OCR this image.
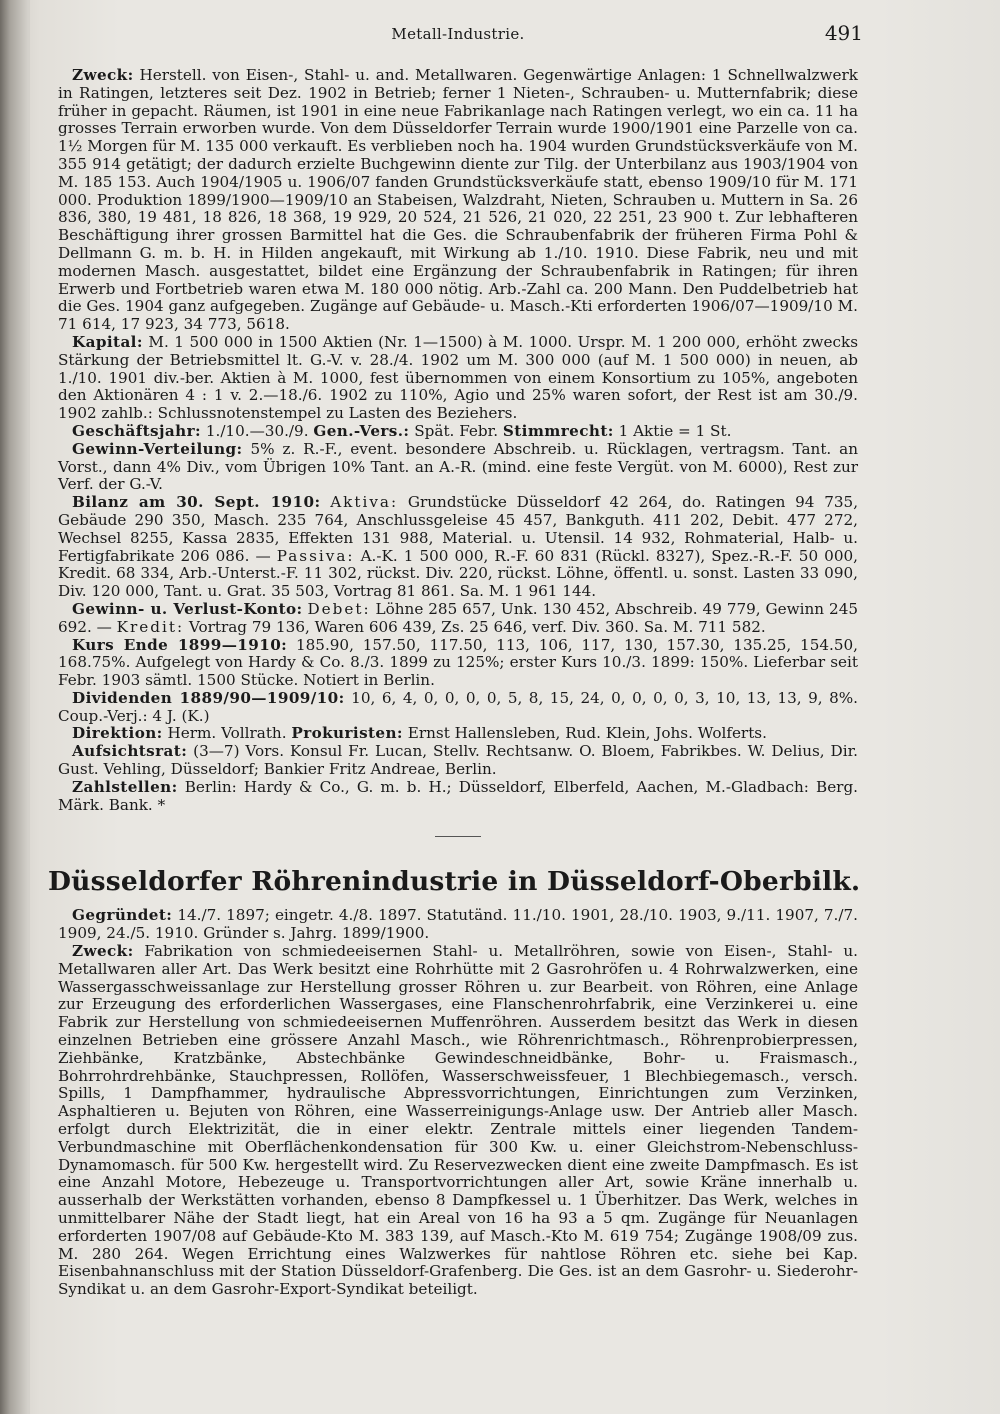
Metall-Industrie.	491

Zweck: Herstell. von Eisen-, Stahl- u. and. Metallwaren. Gegenwärtige Anlagen: 1 Schnellwalzwerk in Ratingen, letzteres seit Dez. 1902 in Betrieb; ferner 1 Nieten-, Schrauben- u. Mutternfabrik; diese früher in gepacht. Räumen, ist 1901 in eine neue Fabrikanlage nach Ratingen verlegt, wo ein ca. 11 ha grosses Terrain erworben wurde. Von dem Düsseldorfer Terrain wurde 1900/1901 eine Parzelle von ca. 1½ Morgen für M. 135 000 verkauft. Es verblieben noch ha. 1904 wurden Grundstücksverkäufe von M. 355 914 getätigt; der dadurch erzielte Buchgewinn diente zur Tilg. der Unterbilanz aus 1903/1904 von M. 185 153. Auch 1904/1905 u. 1906/07 fanden Grundstücksverkäufe statt, ebenso 1909/10 für M. 171 000. Produktion 1899/1900—1909/10 an Stabeisen, Walzdraht, Nieten, Schrauben u. Muttern in Sa. 26 836, 380, 19 481, 18 826, 18 368, 19 929, 20 524, 21 526, 21 020, 22 251, 23 900 t. Zur lebhafteren Beschäftigung ihrer grossen Barmittel hat die Ges. die Schraubenfabrik der früheren Firma Pohl & Dellmann G. m. b. H. in Hilden angekauft, mit Wirkung ab 1./10. 1910. Diese Fabrik, neu und mit modernen Masch. ausgestattet, bildet eine Ergänzung der Schraubenfabrik in Ratingen; für ihren Erwerb und Fortbetrieb waren etwa M. 180 000 nötig. Arb.-Zahl ca. 200 Mann. Den Puddelbetrieb hat die Ges. 1904 ganz aufgegeben. Zugänge auf Gebäude- u. Masch.-Kti erforderten 1906/07—1909/10 M. 71 614, 17 923, 34 773, 5618.

Kapital: M. 1 500 000 in 1500 Aktien (Nr. 1—1500) à M. 1000. Urspr. M. 1 200 000, erhöht zwecks Stärkung der Betriebsmittel lt. G.-V. v. 28./4. 1902 um M. 300 000 (auf M. 1 500 000) in neuen, ab 1./10. 1901 div.-ber. Aktien à M. 1000, fest übernommen von einem Konsortium zu 105%, angeboten den Aktionären 4 : 1 v. 2.—18./6. 1902 zu 110%, Agio und 25% waren sofort, der Rest ist am 30./9. 1902 zahlb.: Schlussnotenstempel zu Lasten des Beziehers.

Geschäftsjahr: 1./10.—30./9. Gen.-Vers.: Spät. Febr. Stimmrecht: 1 Aktie = 1 St.

Gewinn-Verteilung: 5% z. R.-F., event. besondere Abschreib. u. Rücklagen, vertragsm. Tant. an Vorst., dann 4% Div., vom Übrigen 10% Tant. an A.-R. (mind. eine feste Vergüt. von M. 6000), Rest zur Verf. der G.-V.

Bilanz am 30. Sept. 1910: Aktiva: Grundstücke Düsseldorf 42 264, do. Ratingen 94 735, Gebäude 290 350, Masch. 235 764, Anschlussgeleise 45 457, Bankguth. 411 202, Debit. 477 272, Wechsel 8255, Kassa 2835, Effekten 131 988, Material. u. Utensil. 14 932, Rohmaterial, Halb- u. Fertigfabrikate 206 086. — Passiva: A.-K. 1 500 000, R.-F. 60 831 (Rückl. 8327), Spez.-R.-F. 50 000, Kredit. 68 334, Arb.-Unterst.-F. 11 302, rückst. Div. 220, rückst. Löhne, öffentl. u. sonst. Lasten 33 090, Div. 120 000, Tant. u. Grat. 35 503, Vortrag 81 861. Sa. M. 1 961 144.

Gewinn- u. Verlust-Konto: Debet: Löhne 285 657, Unk. 130 452, Abschreib. 49 779, Gewinn 245 692. — Kredit: Vortrag 79 136, Waren 606 439, Zs. 25 646, verf. Div. 360. Sa. M. 711 582.

Kurs Ende 1899—1910: 185.90, 157.50, 117.50, 113, 106, 117, 130, 157.30, 135.25, 154.50, 168.75%. Aufgelegt von Hardy & Co. 8./3. 1899 zu 125%; erster Kurs 10./3. 1899: 150%. Lieferbar seit Febr. 1903 sämtl. 1500 Stücke. Notiert in Berlin.

Dividenden 1889/90—1909/10: 10, 6, 4, 0, 0, 0, 0, 5, 8, 15, 24, 0, 0, 0, 0, 3, 10, 13, 13, 9, 8%. Coup.-Verj.: 4 J. (K.)

Direktion: Herm. Vollrath. Prokuristen: Ernst Hallensleben, Rud. Klein, Johs. Wolferts.

Aufsichtsrat: (3—7) Vors. Konsul Fr. Lucan, Stellv. Rechtsanw. O. Bloem, Fabrikbes. W. Delius, Dir. Gust. Vehling, Düsseldorf; Bankier Fritz Andreae, Berlin.

Zahlstellen: Berlin: Hardy & Co., G. m. b. H.; Düsseldorf, Elberfeld, Aachen, M.-Gladbach: Berg. Märk. Bank. *

Düsseldorfer Röhrenindustrie in Düsseldorf-Oberbilk.

Gegründet: 14./7. 1897; eingetr. 4./8. 1897. Statutänd. 11./10. 1901, 28./10. 1903, 9./11. 1907, 7./7. 1909, 24./5. 1910. Gründer s. Jahrg. 1899/1900.

Zweck: Fabrikation von schmiedeeisernen Stahl- u. Metallröhren, sowie von Eisen-, Stahl- u. Metallwaren aller Art. Das Werk besitzt eine Rohrhütte mit 2 Gasrohröfen u. 4 Rohrwalzwerken, eine Wassergasschweissanlage zur Herstellung grosser Röhren u. zur Bearbeit. von Röhren, eine Anlage zur Erzeugung des erforderlichen Wassergases, eine Flanschenrohrfabrik, eine Verzinkerei u. eine Fabrik zur Herstellung von schmiedeeisernen Muffenröhren. Ausserdem besitzt das Werk in diesen einzelnen Betrieben eine grössere Anzahl Masch., wie Röhrenrichtmasch., Röhrenprobierpressen, Ziehbänke, Kratzbänke, Abstechbänke Gewindeschneidbänke, Bohr- u. Fraismasch., Bohrrohrdrehbänke, Stauchpressen, Rollöfen, Wasserschweissfeuer, 1 Blechbiegemasch., versch. Spills, 1 Dampfhammer, hydraulische Abpressvorrichtungen, Einrichtungen zum Verzinken, Asphaltieren u. Bejuten von Röhren, eine Wasserreinigungs-Anlage usw. Der Antrieb aller Masch. erfolgt durch Elektrizität, die in einer elektr. Zentrale mittels einer liegenden Tandem-Verbundmaschine mit Oberflächenkondensation für 300 Kw. u. einer Gleichstrom-Nebenschluss-Dynamomasch. für 500 Kw. hergestellt wird. Zu Reservezwecken dient eine zweite Dampfmasch. Es ist eine Anzahl Motore, Hebezeuge u. Transportvorrichtungen aller Art, sowie Kräne innerhalb u. ausserhalb der Werkstätten vorhanden, ebenso 8 Dampfkessel u. 1 Überhitzer. Das Werk, welches in unmittelbarer Nähe der Stadt liegt, hat ein Areal von 16 ha 93 a 5 qm. Zugänge für Neuanlagen erforderten 1907/08 auf Gebäude-Kto M. 383 139, auf Masch.-Kto M. 619 754; Zugänge 1908/09 zus. M. 280 264. Wegen Errichtung eines Walzwerkes für nahtlose Röhren etc. siehe bei Kap. Eisenbahnanschluss mit der Station Düsseldorf-Grafenberg. Die Ges. ist an dem Gasrohr- u. Siederohr-Syndikat u. an dem Gasrohr-Export-Syndikat beteiligt.
